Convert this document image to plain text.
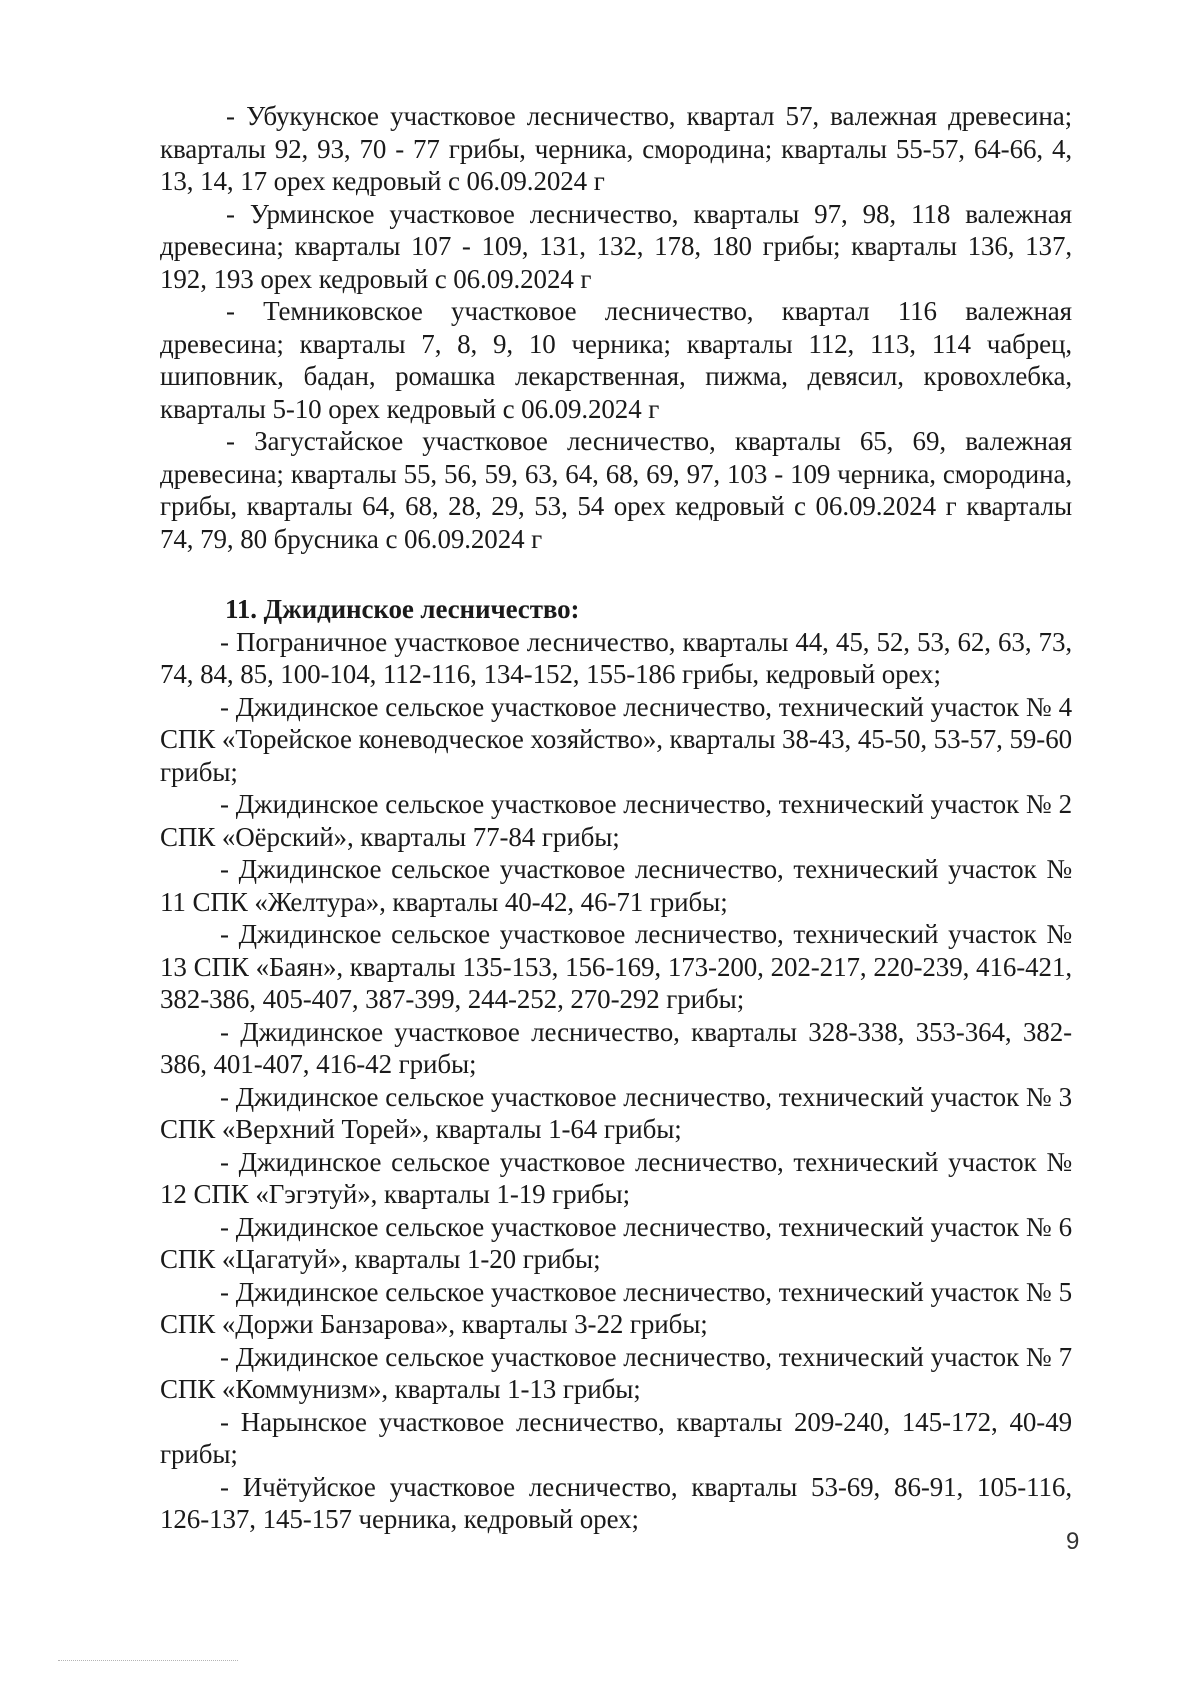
- Убукунское участковое лесничество, квартал 57, валежная древесина; кварталы 92, 93, 70 - 77 грибы, черника, смородина; кварталы 55-57, 64-66, 4, 13, 14, 17 орех кедровый с 06.09.2024 г

- Урминское участковое лесничество, кварталы 97, 98, 118 валежная древесина; кварталы 107 - 109, 131, 132, 178, 180 грибы; кварталы 136, 137, 192, 193 орех кедровый с 06.09.2024 г

- Темниковское участковое лесничество, квартал 116 валежная древесина; кварталы 7, 8, 9, 10 черника; кварталы 112, 113, 114 чабрец, шиповник, бадан, ромашка лекарственная, пижма, девясил, кровохлебка, кварталы 5-10 орех кедровый с 06.09.2024 г

- Загустайское участковое лесничество, кварталы 65, 69, валежная древесина; кварталы 55, 56, 59, 63, 64, 68, 69, 97, 103 - 109 черника, смородина, грибы, кварталы 64, 68, 28, 29, 53, 54 орех кедровый с 06.09.2024 г кварталы 74, 79, 80 брусника с 06.09.2024 г

11. Джидинское лесничество:

- Пограничное участковое лесничество, кварталы 44, 45, 52, 53, 62, 63, 73, 74, 84, 85, 100-104, 112-116, 134-152, 155-186 грибы, кедровый орех;

- Джидинское сельское участковое лесничество, технический участок № 4 СПК «Торейское коневодческое хозяйство», кварталы 38-43, 45-50, 53-57, 59-60 грибы;

- Джидинское сельское участковое лесничество, технический участок № 2 СПК «Оёрский», кварталы 77-84 грибы;

- Джидинское сельское участковое лесничество, технический участок № 11 СПК «Желтура», кварталы 40-42, 46-71 грибы;

- Джидинское сельское участковое лесничество, технический участок № 13 СПК «Баян», кварталы 135-153, 156-169, 173-200, 202-217, 220-239, 416-421, 382-386, 405-407, 387-399, 244-252, 270-292 грибы;

- Джидинское участковое лесничество, кварталы 328-338, 353-364, 382-386, 401-407, 416-42 грибы;

- Джидинское сельское участковое лесничество, технический участок № 3 СПК «Верхний Торей», кварталы 1-64 грибы;

- Джидинское сельское участковое лесничество, технический участок № 12 СПК «Гэгэтуй», кварталы 1-19 грибы;

- Джидинское сельское участковое лесничество, технический участок № 6 СПК «Цагатуй», кварталы 1-20 грибы;

- Джидинское сельское участковое лесничество, технический участок № 5 СПК «Доржи Банзарова», кварталы 3-22 грибы;

- Джидинское сельское участковое лесничество, технический участок № 7 СПК «Коммунизм», кварталы 1-13 грибы;

- Нарынское участковое лесничество, кварталы 209-240, 145-172, 40-49 грибы;

- Ичётуйское участковое лесничество, кварталы 53-69, 86-91, 105-116, 126-137, 145-157 черника, кедровый орех;

9
